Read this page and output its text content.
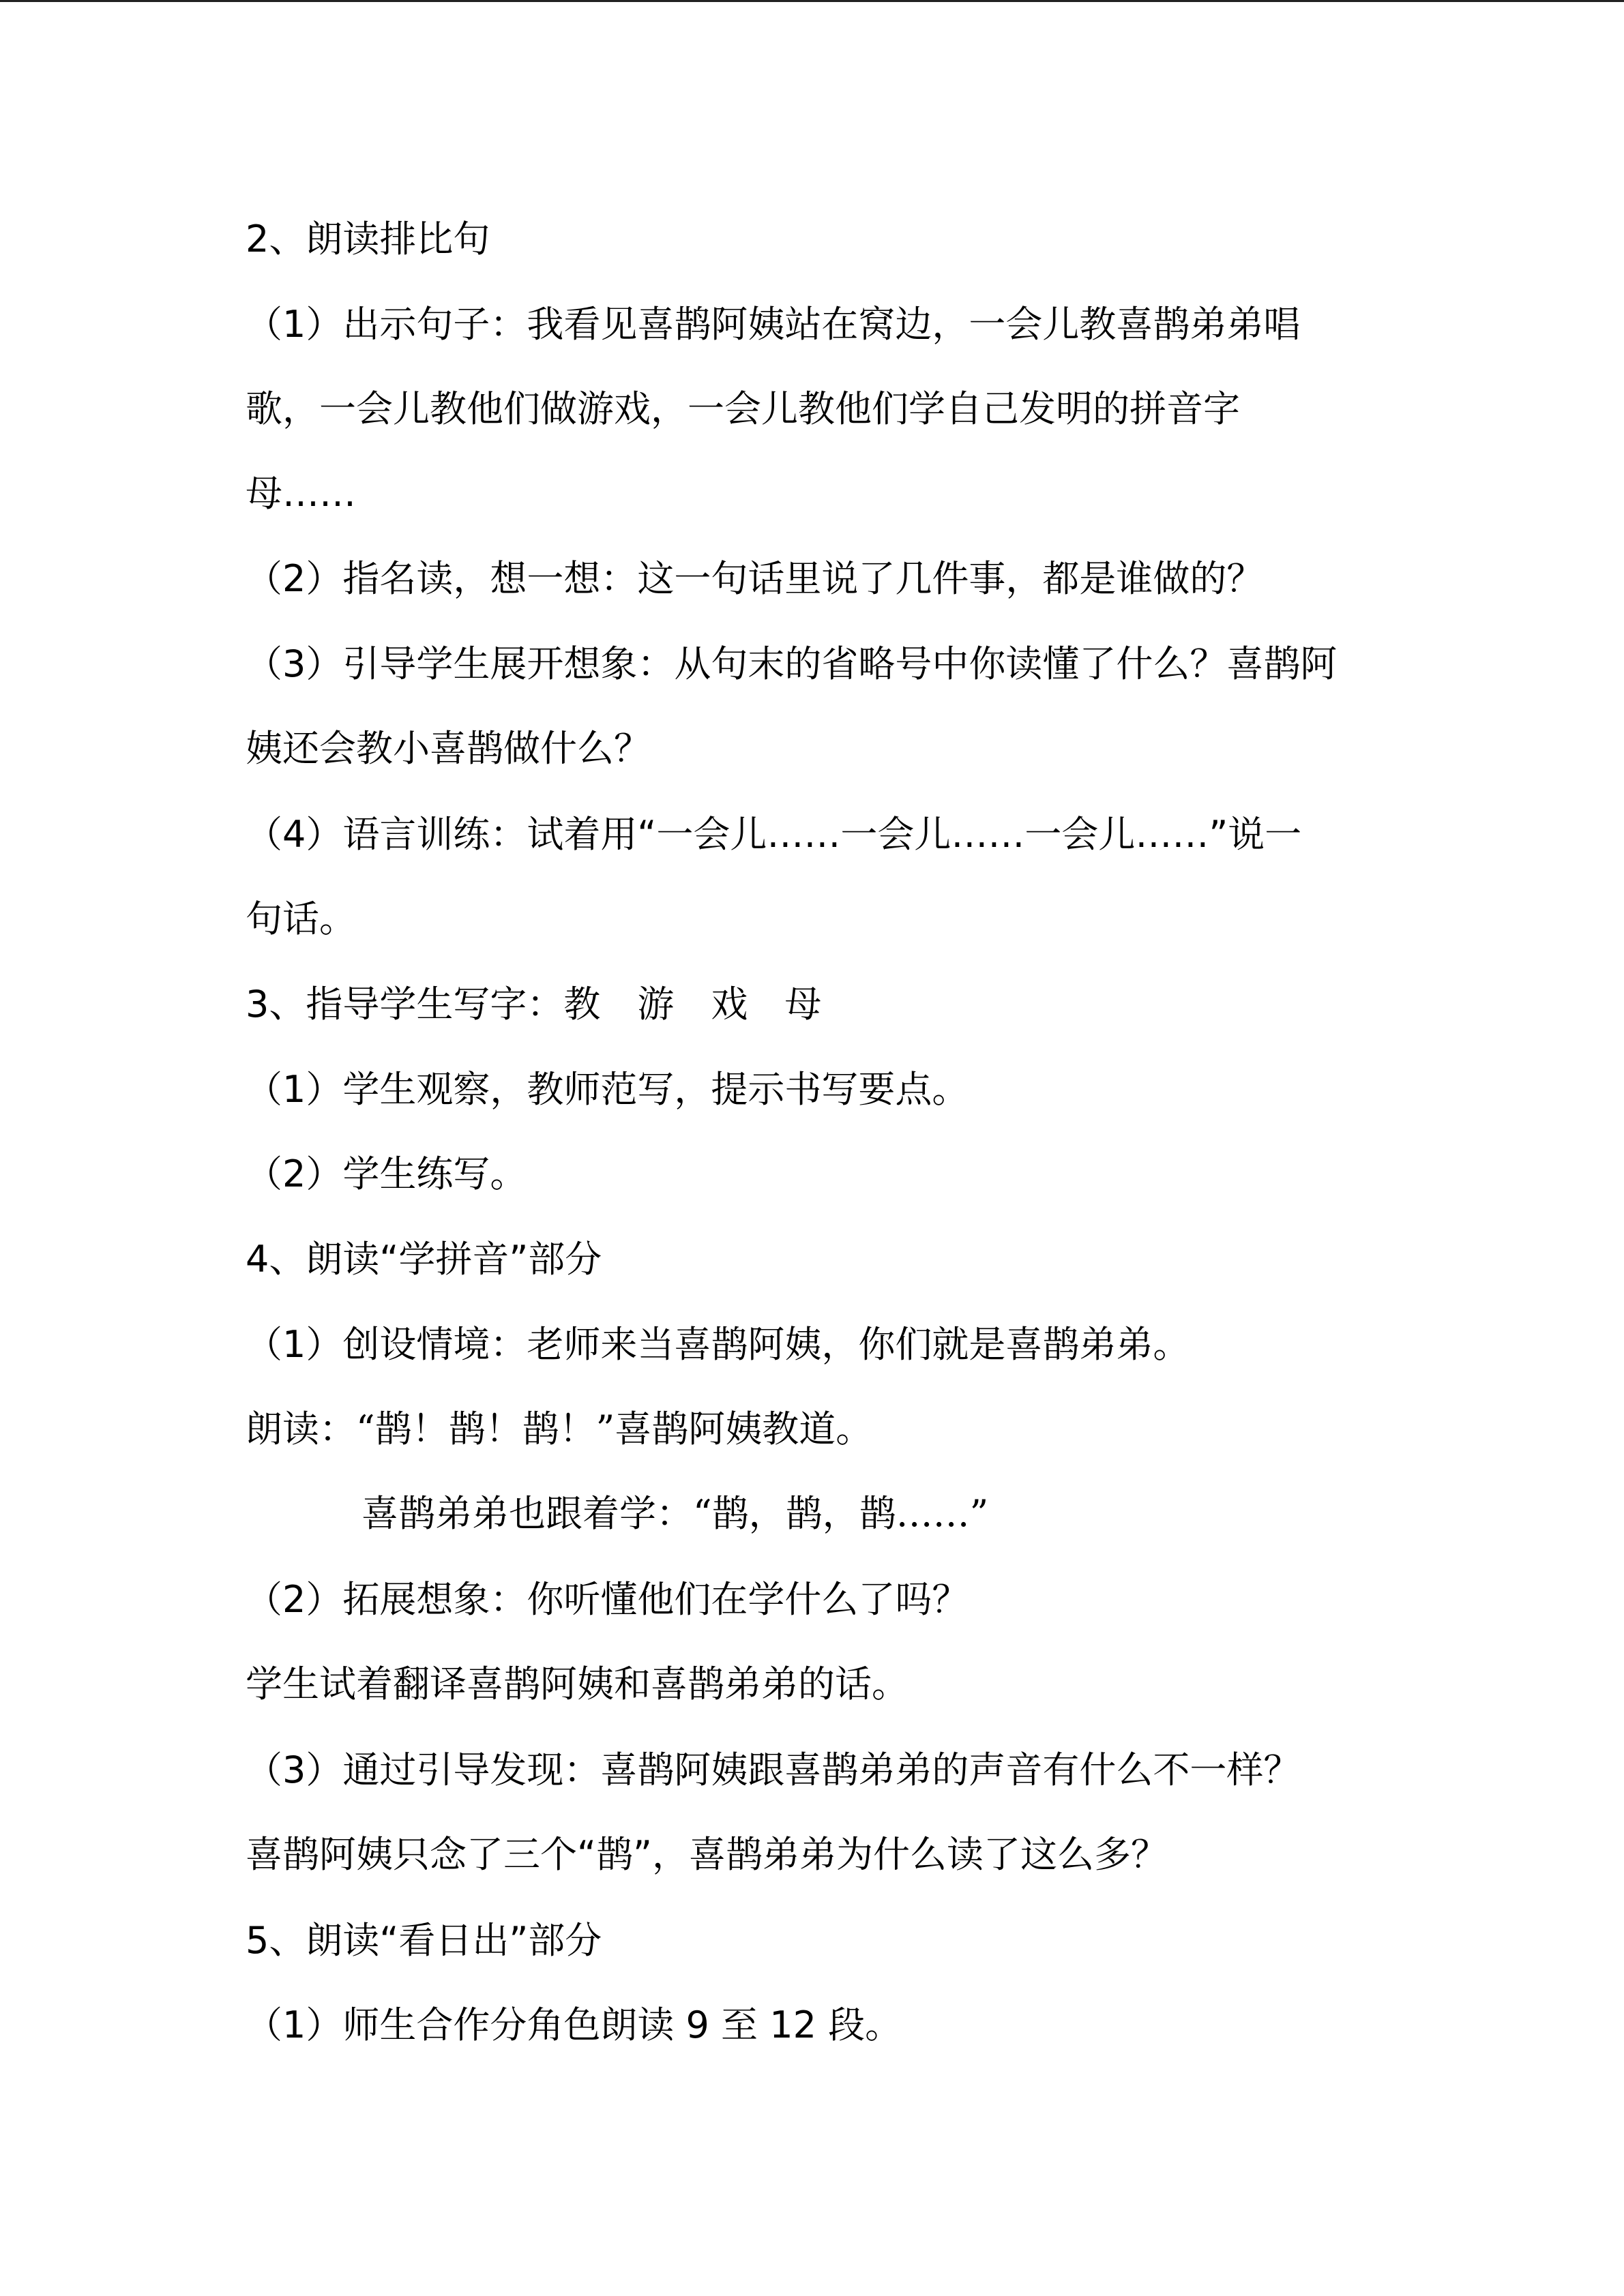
2、朗读排比句
（1）出示句子：我看见喜鹊阿姨站在窝边，一会儿教喜鹊弟弟唱
歌，一会儿教他们做游戏，一会儿教他们学自己发明的拼音字
母……
（2）指名读，想一想：这一句话里说了几件事，都是谁做的？
（3）引导学生展开想象：从句末的省略号中你读懂了什么？喜鹊阿
姨还会教小喜鹊做什么？
（4）语言训练：试着用“一会儿……一会儿……一会儿……”说一
句话。
3、指导学生写字：教　游　戏　母
（1）学生观察，教师范写，提示书写要点。
（2）学生练写。
4、朗读“学拼音”部分
（1）创设情境：老师来当喜鹊阿姨，你们就是喜鹊弟弟。
朗读：“鹊！鹊！鹊！”喜鹊阿姨教道。
喜鹊弟弟也跟着学：“鹊，鹊，鹊……”
（2）拓展想象：你听懂他们在学什么了吗？
学生试着翻译喜鹊阿姨和喜鹊弟弟的话。
（3）通过引导发现：喜鹊阿姨跟喜鹊弟弟的声音有什么不一样？
喜鹊阿姨只念了三个“鹊”，喜鹊弟弟为什么读了这么多？
5、朗读“看日出”部分
（1）师生合作分角色朗读 9 至 12 段。
